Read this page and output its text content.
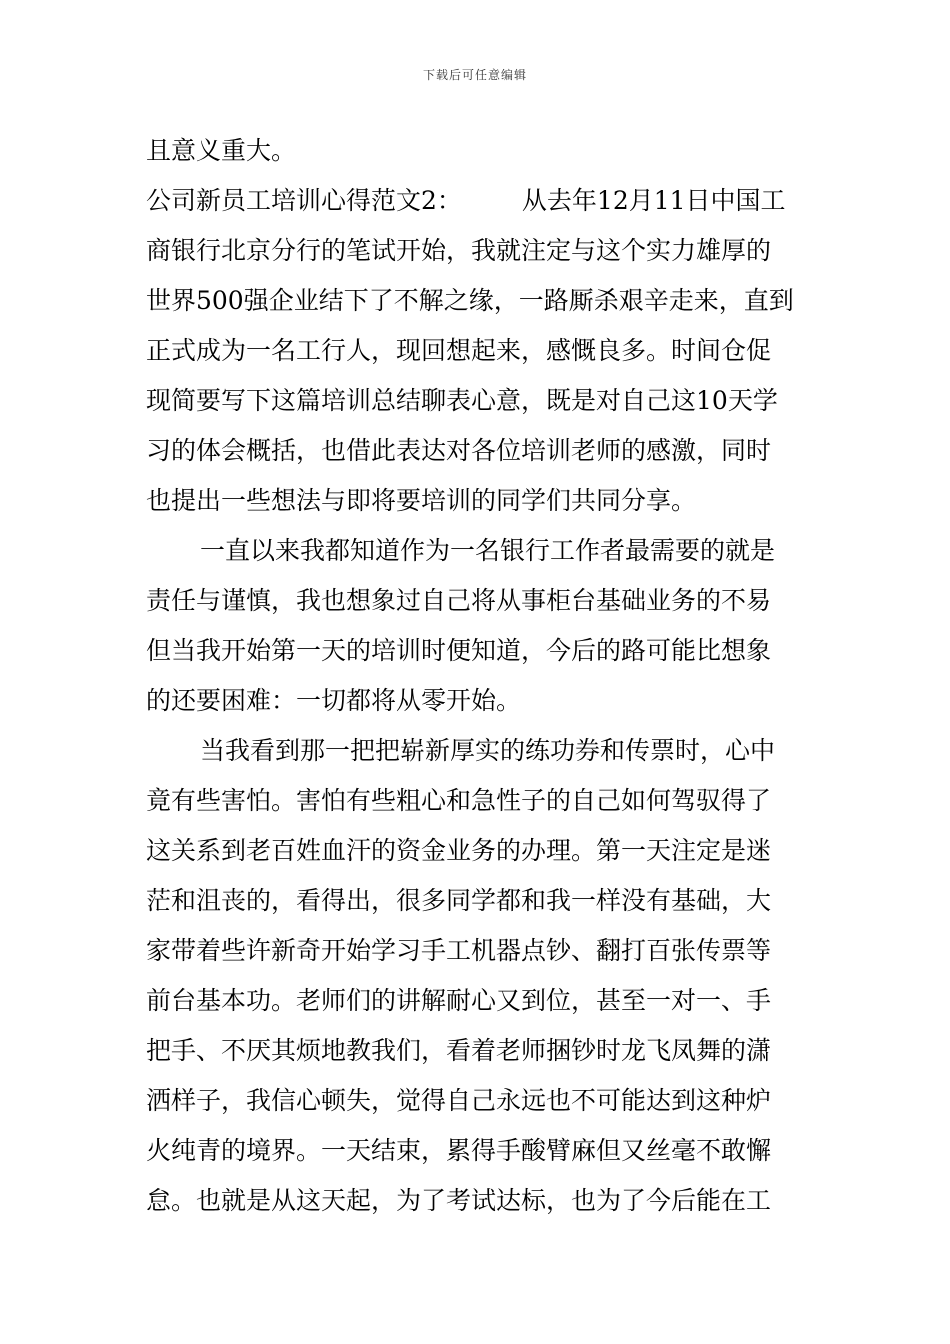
下载后可任意编辑
且意义重大。
公司新员工培训心得范文2： 从去年12月11日中国工
商银行北京分行的笔试开始，我就注定与这个实力雄厚的
世界500强企业结下了不解之缘，一路厮杀艰辛走来，直到
正式成为一名工行人，现回想起来，感慨良多。时间仓促
现简要写下这篇培训总结聊表心意，既是对自己这10天学
习的体会概括，也借此表达对各位培训老师的感激，同时
也提出一些想法与即将要培训的同学们共同分享。
一直以来我都知道作为一名银行工作者最需要的就是
责任与谨慎，我也想象过自己将从事柜台基础业务的不易
但当我开始第一天的培训时便知道，今后的路可能比想象
的还要困难：一切都将从零开始。
当我看到那一把把崭新厚实的练功券和传票时，心中
竟有些害怕。害怕有些粗心和急性子的自己如何驾驭得了
这关系到老百姓血汗的资金业务的办理。第一天注定是迷
茫和沮丧的，看得出，很多同学都和我一样没有基础，大
家带着些许新奇开始学习手工机器点钞、翻打百张传票等
前台基本功。老师们的讲解耐心又到位，甚至一对一、手
把手、不厌其烦地教我们，看着老师捆钞时龙飞凤舞的潇
洒样子，我信心顿失，觉得自己永远也不可能达到这种炉
火纯青的境界。一天结束，累得手酸臂麻但又丝毫不敢懈
怠。也就是从这天起，为了考试达标，也为了今后能在工
